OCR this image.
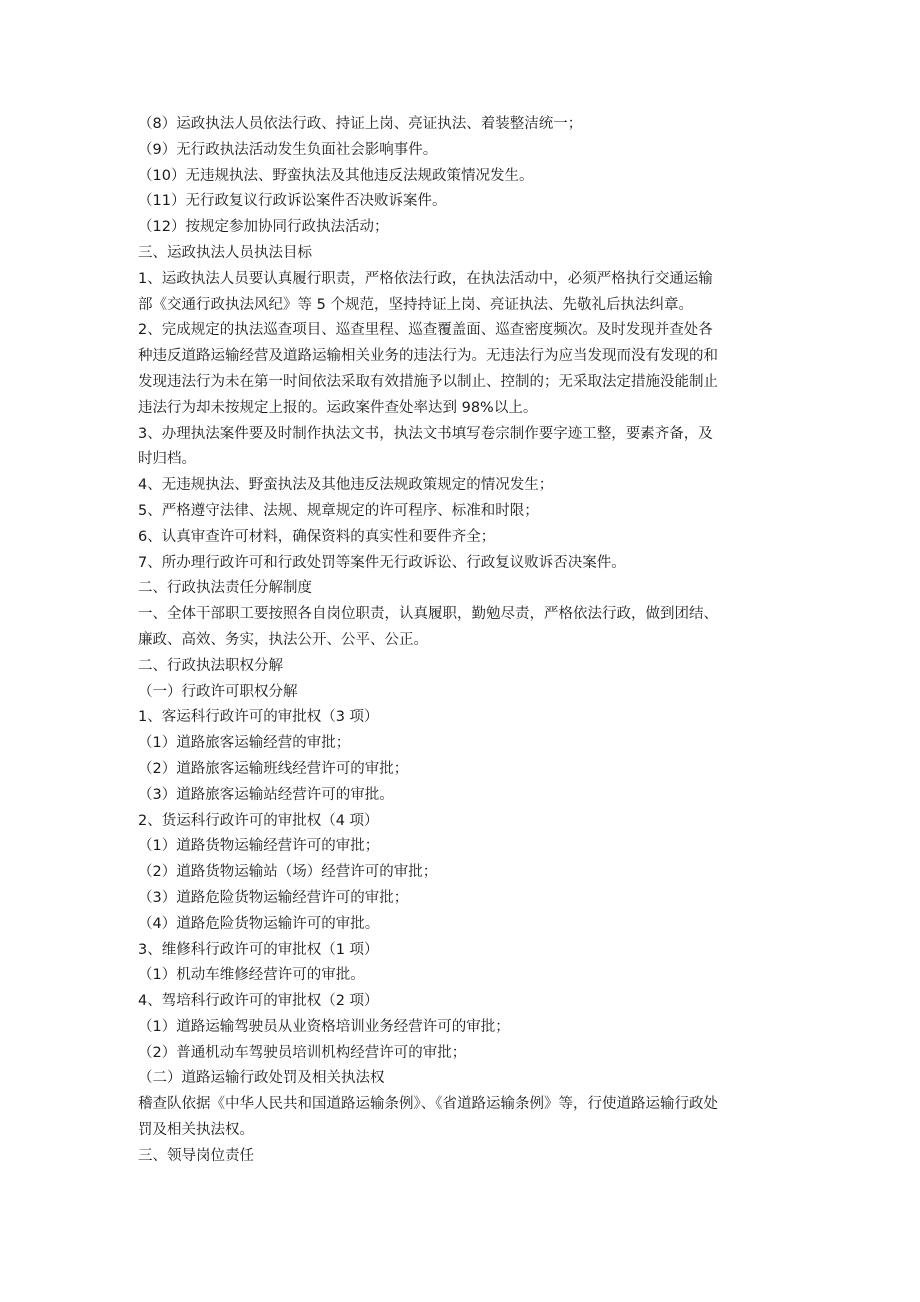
（8）运政执法人员依法行政、持证上岗、亮证执法、着装整洁统一；

（9）无行政执法活动发生负面社会影响事件。

（10）无违规执法、野蛮执法及其他违反法规政策情况发生。

（11）无行政复议行政诉讼案件否决败诉案件。

（12）按规定参加协同行政执法活动；

三、运政执法人员执法目标

1、运政执法人员要认真履行职责，严格依法行政，在执法活动中，必须严格执行交通运输

部《交通行政执法风纪》等 5 个规范，坚持持证上岗、亮证执法、先敬礼后执法纠章。

2、完成规定的执法巡查项目、巡查里程、巡查覆盖面、巡查密度频次。及时发现并查处各

种违反道路运输经营及道路运输相关业务的违法行为。无违法行为应当发现而没有发现的和

发现违法行为未在第一时间依法采取有效措施予以制止、控制的；无采取法定措施没能制止

违法行为却未按规定上报的。运政案件查处率达到 98%以上。

3、办理执法案件要及时制作执法文书，执法文书填写卷宗制作要字迹工整，要素齐备，及

时归档。

4、无违规执法、野蛮执法及其他违反法规政策规定的情况发生；

5、严格遵守法律、法规、规章规定的许可程序、标准和时限；

6、认真审查许可材料，确保资料的真实性和要件齐全；

7、所办理行政许可和行政处罚等案件无行政诉讼、行政复议败诉否决案件。

二、行政执法责任分解制度

一、全体干部职工要按照各自岗位职责，认真履职，勤勉尽责，严格依法行政，做到团结、

廉政、高效、务实，执法公开、公平、公正。

二、行政执法职权分解

（一）行政许可职权分解

1、客运科行政许可的审批权（3 项）

（1）道路旅客运输经营的审批；

（2）道路旅客运输班线经营许可的审批；

（3）道路旅客运输站经营许可的审批。

2、货运科行政许可的审批权（4 项）

（1）道路货物运输经营许可的审批；

（2）道路货物运输站（场）经营许可的审批；

（3）道路危险货物运输经营许可的审批；

（4）道路危险货物运输许可的审批。

3、维修科行政许可的审批权（1 项）

（1）机动车维修经营许可的审批。

4、驾培科行政许可的审批权（2 项）

（1）道路运输驾驶员从业资格培训业务经营许可的审批；

（2）普通机动车驾驶员培训机构经营许可的审批；

（二）道路运输行政处罚及相关执法权

稽查队依据《中华人民共和国道路运输条例》、《省道路运输条例》等，行使道路运输行政处

罚及相关执法权。

三、领导岗位责任
